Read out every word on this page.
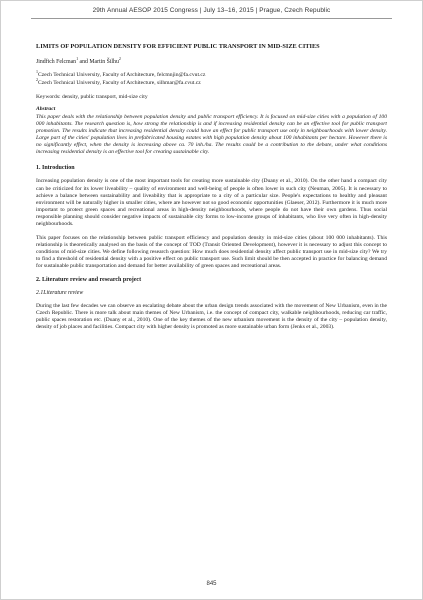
29th Annual AESOP 2015 Congress | July 13–16, 2015 | Prague, Czech Republic
LIMITS OF POPULATION DENSITY FOR EFFICIENT PUBLIC TRANSPORT IN MID-SIZE CITIES
Jindřich Felcman$^1$ and Martin Šilhu$^2$
$^1$Czech Technical University, Faculty of Architecture, felcmnjin@fa.cvut.cz
$^2$Czech Technical University, Faculty of Architecture, silhmar@fa.cvut.cz
Keywords: density, public transport, mid-size city
Abstract
This paper deals with the relationship between population density and public transport efficiency. It is focused on mid-size cities with a population of 100 000 inhabitants. The research question is, how strong the relationship is and if increasing residential density can be an effective tool for public transport promotion. The results indicate that increasing residential density could have an effect for public transport use only in neighbourhoods with lower density. Large part of the cities' population lives in prefabricated housing estates with high population density about 100 inhabitants per hectare. However there is no significantly effect, when the density is increasing above ca. 70 inh./ha. The results could be a contribution to the debate, under what conditions increasing residential density is an effective tool for creating sustainable city.
1. Introduction
Increasing population density is one of the most important tools for creating more sustainable city (Duany et al., 2010). On the other hand a compact city can be criticized for its lower liveability – quality of environment and well-being of people is often lower in such city (Neuman, 2005). It is necessary to achieve a balance between sustainability and liveability that is appropriate to a city of a particular size. People's expectations to healthy and pleasant environment will be naturally higher in smaller cities, where are however not so good economic opportunities (Glaeser, 2012). Furthermore it is much more important to protect green spaces and recreational areas in high-density neighbourhoods, where people do not have their own gardens. Thus social responsible planning should consider negative impacts of sustainable city forms to low-income groups of inhabitants, who live very often in high-density neighbourhoods.
This paper focuses on the relationship between public transport efficiency and population density in mid-size cities (about 100 000 inhabitants). This relationship is theoretically analysed on the basis of the concept of TOD (Transit Oriented Development), however it is necessary to adjust this concept to conditions of mid-size cities. We define following research question: How much does residential density affect public transport use in mid-size city? We try to find a threshold of residential density with a positive effect on public transport use. Such limit should be then accepted in practice for balancing demand for sustainable public transportation and demand for better availability of green spaces and recreational areas.
2. Literature review and research project
2.1Literature review
During the last few decades we can observe an escalating debate about the urban design trends associated with the movement of New Urbanism, even in the Czech Republic. There is more talk about main themes of New Urbanism, i.e. the concept of compact city, walkable neighbourhoods, reducing car traffic, public spaces restoration etc. (Duany et al., 2010). One of the key themes of the new urbanism movement is the density of the city – population density, density of job places and facilities. Compact city with higher density is promoted as more sustainable urban form (Jenks et al., 2003).
845
